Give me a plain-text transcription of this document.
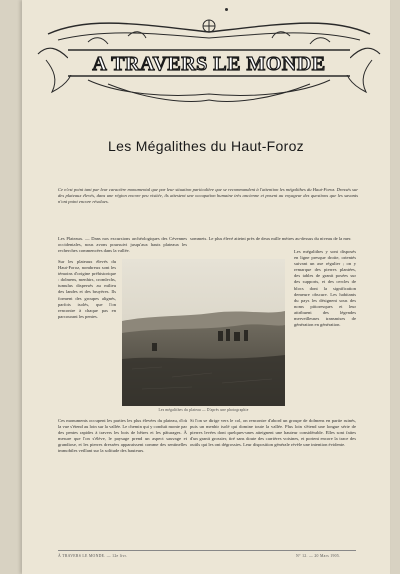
A TRAVERS LE MONDE
Les Mégalithes du Haut-Foroz

Ce n'est point tant par leur caractère monumental que par leur situation particulière que se recommandent à l'attention les mégalithes du Haut-Foroz. Dressés sur des plateaux élevés, dans une région encore peu visitée, ils attestent une occupation humaine très ancienne et posent au voyageur des questions que les savants n'ont point encore résolues.

Les Plateaux. — Dans nos excursions archéologiques des Cévennes occidentales, nous avons poursuivi jusqu'aux hauts plateaux les recherches commencées dans la vallée.

Sur les plateaux élevés du Haut-Foroz, nombreux sont les témoins d'origine préhistorique : dolmens, menhirs, cromlechs, tumulus dispersés au milieu des landes et des bruyères. Ils forment des groupes alignés, parfois isolés, que l'on rencontre à chaque pas en parcourant les pentes.

sommets. Le plus élevé atteint près de deux mille mètres au-dessus du niveau de la mer.

Les mégalithes y sont disposés en ligne presque droite, orientés suivant un axe régulier ; on y remarque des pierres plantées, des tables de granit posées sur des supports, et des cercles de blocs dont la signification demeure obscure. Les habitants du pays les désignent sous des noms pittoresques et leur attribuent des légendes merveilleuses transmises de génération en génération.

Les mégalithes du plateau — D'après une photographie

Ces monuments occupent les parties les plus élevées du plateau, d'où la vue s'étend au loin sur la vallée. Le chemin qui y conduit monte par des pentes rapides à travers les bois de hêtres et les pâturages. À mesure que l'on s'élève, le paysage prend un aspect sauvage et grandiose, et les pierres dressées apparaissent comme des sentinelles immobiles veillant sur la solitude des hauteurs.

Si l'on se dirige vers le col, on rencontre d'abord un groupe de dolmens en partie ruinés, puis un menhir isolé qui domine toute la vallée. Plus loin s'étend une longue série de pierres levées dont quelques-unes atteignent une hauteur considérable. Elles sont faites d'un granit grossier, tiré sans doute des carrières voisines, et portent encore la trace des outils qui les ont dégrossies. Leur disposition générale révèle une intention évidente.

À TRAVERS LE MONDE. — 12e livr.	N° 12. — 20 Mars 1905.
